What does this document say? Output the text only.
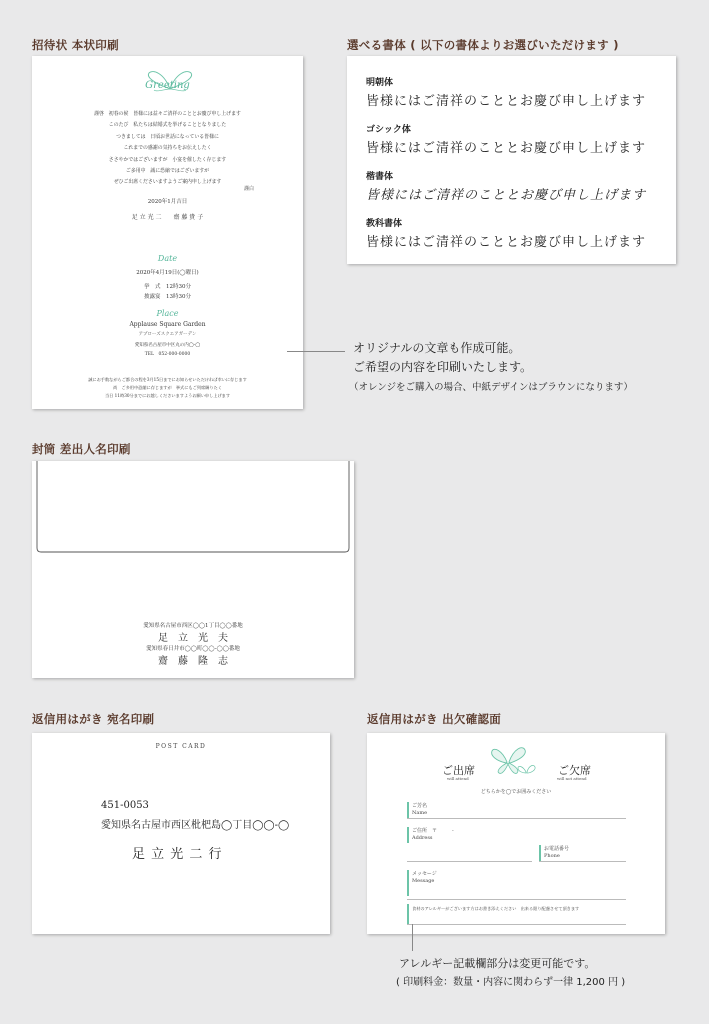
招待状 本状印刷
Greeting

謹啓　初春の候　皆様には益々ご清祥のこととお慶び申し上げます

このたび　私たちは結婚式を挙げることとなりました

つきましては　日頃お世話になっている皆様に

これまでの感謝の気持ちをお伝えしたく

ささやかではございますが　小宴を催したく存じます

ご多用中　誠に恐縮ではございますが

ぜひご出席くださいますようご案内申し上げます

謹白
2020年1月吉日
足 立 光 二　　齋 藤 貴 子
Date
2020年4月19日(◯曜日)
挙　式　12時30分
披露宴　13時30分
Place
Applause Square Garden
アプローズスクエアガーデン
愛知県名古屋市中区丸の内◯-◯
TEL　052-000-0000

誠にお手数ながらご都合の程を3月15日までにお知らせいただければ幸いに存じます

尚　ご多用中恐縮に存じますが　挙式にもご列席賜りたく

当日 11時30分までにお越しくださいますようお願い申し上げます

オリジナルの文章も作成可能。
ご希望の内容を印刷いたします。
（オレンジをご購入の場合、中紙デザインはブラウンになります）
選べる書体 ( 以下の書体よりお選びいただけます )

明朝体

皆様にはご清祥のこととお慶び申し上げます

ゴシック体

皆様にはご清祥のこととお慶び申し上げます

楷書体

皆様にはご清祥のこととお慶び申し上げます

教科書体

皆様にはご清祥のこととお慶び申し上げます

封筒 差出人名印刷
愛知県名古屋市西区◯◯1丁目◯◯番地
足　立　光　夫
愛知県春日井市◯◯町◯◯-◯◯番地
齋　藤　隆　志
返信用はがき 宛名印刷
POST CARD
451-0053
愛知県名古屋市西区枇杷島◯丁目◯◯-◯
足 立 光 二 行
返信用はがき 出欠確認面
ご出席
will attend
ご欠席
will not attend
どちらかを◯でお囲みください
ご芳名
Name
ご住所　〒　　　-
Address
お電話番号
Phone
メッセージ
Message
食材のアレルギーがございます方はお書き添えください　出来る限り配慮させて頂きます
アレルギー記載欄部分は変更可能です。
( 印刷料金：数量・内容に関わらず一律 1,200 円 )
